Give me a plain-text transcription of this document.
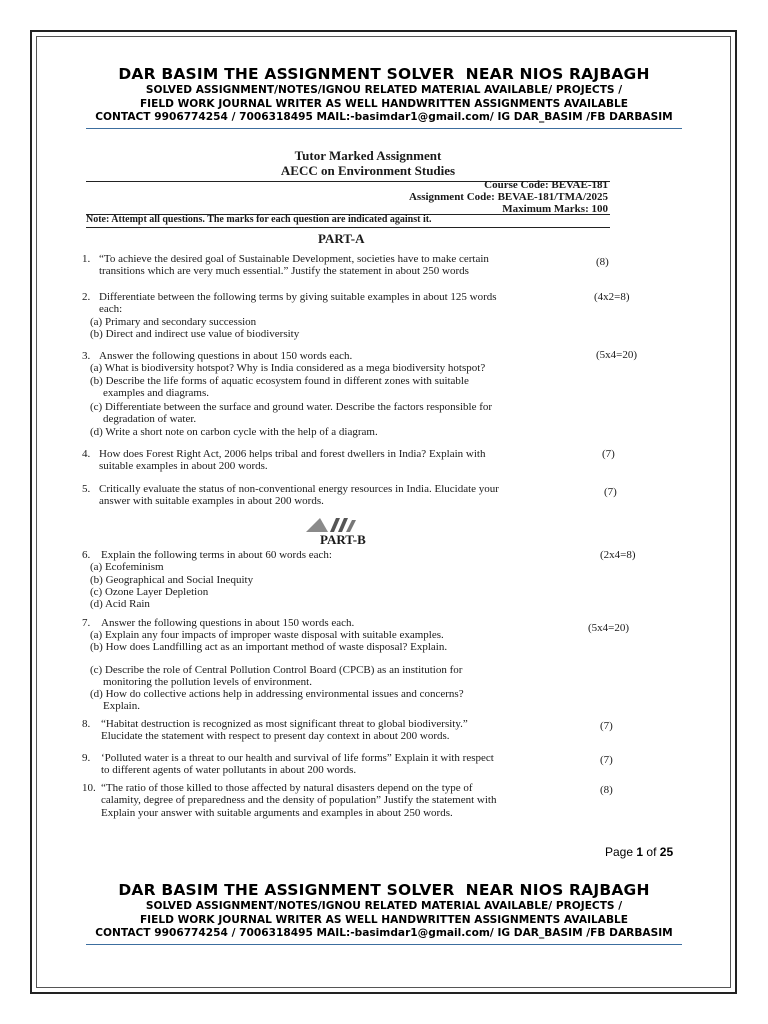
DAR BASIM THE ASSIGNMENT SOLVER  NEAR NIOS RAJBAGH
SOLVED ASSIGNMENT/NOTES/IGNOU RELATED MATERIAL AVAILABLE/ PROJECTS /
FIELD WORK JOURNAL WRITER AS WELL HANDWRITTEN ASSIGNMENTS AVAILABLE
CONTACT 9906774254 / 7006318495 MAIL:-basimdar1@gmail.com/ IG DAR_BASIM /FB DARBASIM
Tutor Marked Assignment
AECC on Environment Studies
Course Code: BEVAE-181
Assignment Code: BEVAE-181/TMA/2025
Maximum Marks: 100
Note: Attempt all questions. The marks for each question are indicated against it.
PART-A
1. “To achieve the desired goal of Sustainable Development, societies have to make certain
transitions which are very much essential.” Justify the statement in about 250 words
(8)
2. Differentiate between the following terms by giving suitable examples in about 125 words
each:
(a) Primary and secondary succession
(b) Direct and indirect use value of biodiversity
(4x2=8)
3. Answer the following questions in about 150 words each.
(a) What is biodiversity hotspot? Why is India considered as a mega biodiversity hotspot?
(b) Describe the life forms of aquatic ecosystem found in different zones with suitable
examples and diagrams.
(c) Differentiate between the surface and ground water. Describe the factors responsible for
degradation of water.
(d) Write a short note on carbon cycle with the help of a diagram.
(5x4=20)
4. How does Forest Right Act, 2006 helps tribal and forest dwellers in India? Explain with
suitable examples in about 200 words.
(7)
5. Critically evaluate the status of non-conventional energy resources in India. Elucidate your
answer with suitable examples in about 200 words.
(7)
PART-B
6. Explain the following terms in about 60 words each:
(a) Ecofeminism
(b) Geographical and Social Inequity
(c) Ozone Layer Depletion
(d) Acid Rain
(2x4=8)
7. Answer the following questions in about 150 words each.
(a) Explain any four impacts of improper waste disposal with suitable examples.
(b) How does Landfilling act as an important method of waste disposal? Explain.
(c) Describe the role of Central Pollution Control Board (CPCB) as an institution for
monitoring the pollution levels of environment.
(d) How do collective actions help in addressing environmental issues and concerns?
Explain.
(5x4=20)
8. “Habitat destruction is recognized as most significant threat to global biodiversity.”
Elucidate the statement with respect to present day context in about 200 words.
(7)
9. ‘Polluted water is a threat to our health and survival of life forms” Explain it with respect
to different agents of water pollutants in about 200 words.
(7)
10. “The ratio of those killed to those affected by natural disasters depend on the type of
calamity, degree of preparedness and the density of population” Justify the statement with
Explain your answer with suitable arguments and examples in about 250 words.
(8)
Page 1 of 25
DAR BASIM THE ASSIGNMENT SOLVER  NEAR NIOS RAJBAGH
SOLVED ASSIGNMENT/NOTES/IGNOU RELATED MATERIAL AVAILABLE/ PROJECTS /
FIELD WORK JOURNAL WRITER AS WELL HANDWRITTEN ASSIGNMENTS AVAILABLE
CONTACT 9906774254 / 7006318495 MAIL:-basimdar1@gmail.com/ IG DAR_BASIM /FB DARBASIM
